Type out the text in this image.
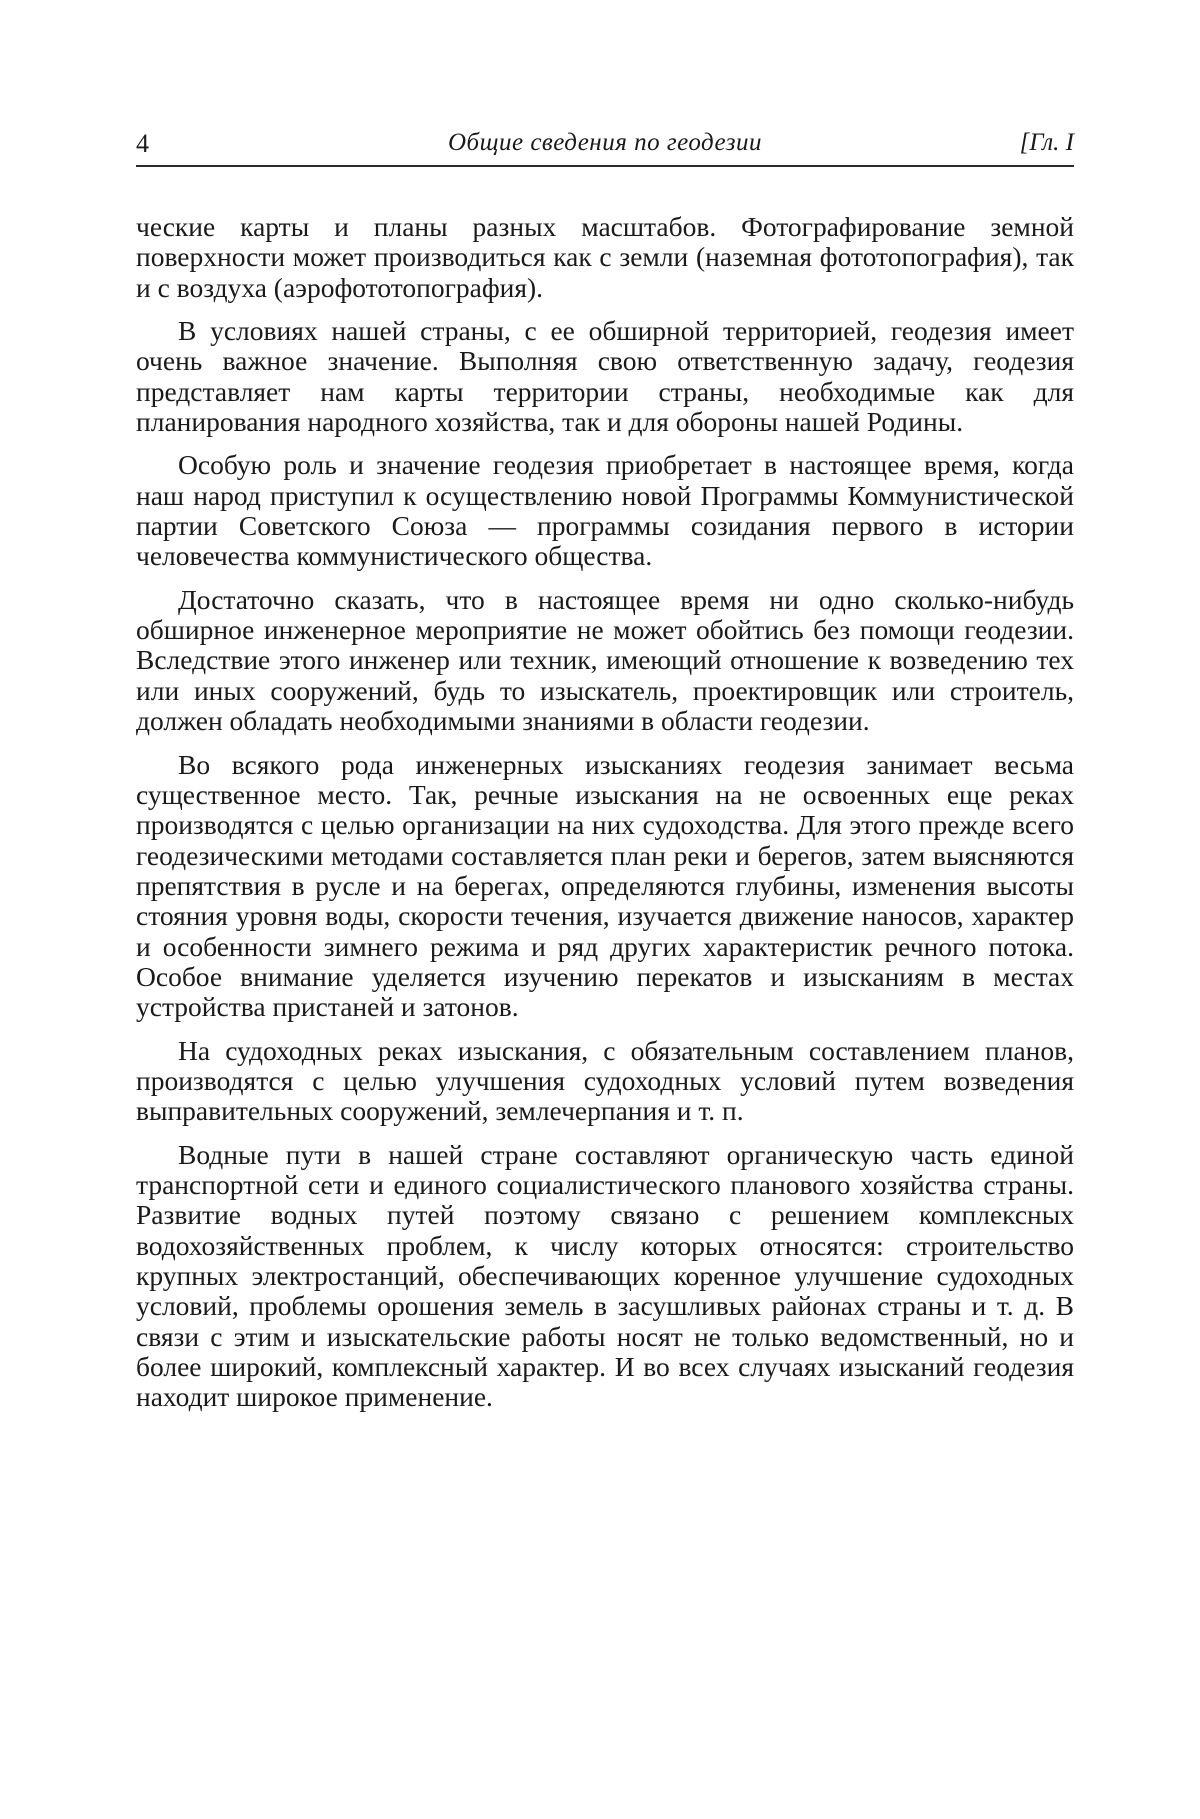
4	Общие сведения по геодезии	[Гл. I

ческие карты и планы разных масштабов. Фотографирование земной поверхности может производиться как с земли (наземная фототопография), так и с воздуха (аэрофототопография).

В условиях нашей страны, с ее обширной территорией, геодезия имеет очень важное значение. Выполняя свою ответственную задачу, геодезия представляет нам карты территории страны, необходимые как для планирования народного хозяйства, так и для обороны нашей Родины.

Особую роль и значение геодезия приобретает в настоящее время, когда наш народ приступил к осуществлению новой Программы Коммунистической партии Советского Союза — программы созидания первого в истории человечества коммунистического общества.

Достаточно сказать, что в настоящее время ни одно сколько-нибудь обширное инженерное мероприятие не может обойтись без помощи геодезии. Вследствие этого инженер или техник, имеющий отношение к возведению тех или иных сооружений, будь то изыскатель, проектировщик или строитель, должен обладать необходимыми знаниями в области геодезии.

Во всякого рода инженерных изысканиях геодезия занимает весьма существенное место. Так, речные изыскания на не освоенных еще реках производятся с целью организации на них судоходства. Для этого прежде всего геодезическими методами составляется план реки и берегов, затем выясняются препятствия в русле и на берегах, определяются глубины, изменения высоты стояния уровня воды, скорости течения, изучается движение наносов, характер и особенности зимнего режима и ряд других характеристик речного потока. Особое внимание уделяется изучению перекатов и изысканиям в местах устройства пристаней и затонов.

На судоходных реках изыскания, с обязательным составлением планов, производятся с целью улучшения судоходных условий путем возведения выправительных сооружений, землечерпания и т. п.

Водные пути в нашей стране составляют органическую часть единой транспортной сети и единого социалистического планового хозяйства страны. Развитие водных путей поэтому связано с решением комплексных водохозяйственных проблем, к числу которых относятся: строительство крупных электростанций, обеспечивающих коренное улучшение судоходных условий, проблемы орошения земель в засушливых районах страны и т. д. В связи с этим и изыскательские работы носят не только ведомственный, но и более широкий, комплексный характер. И во всех случаях изысканий геодезия находит широкое применение.
